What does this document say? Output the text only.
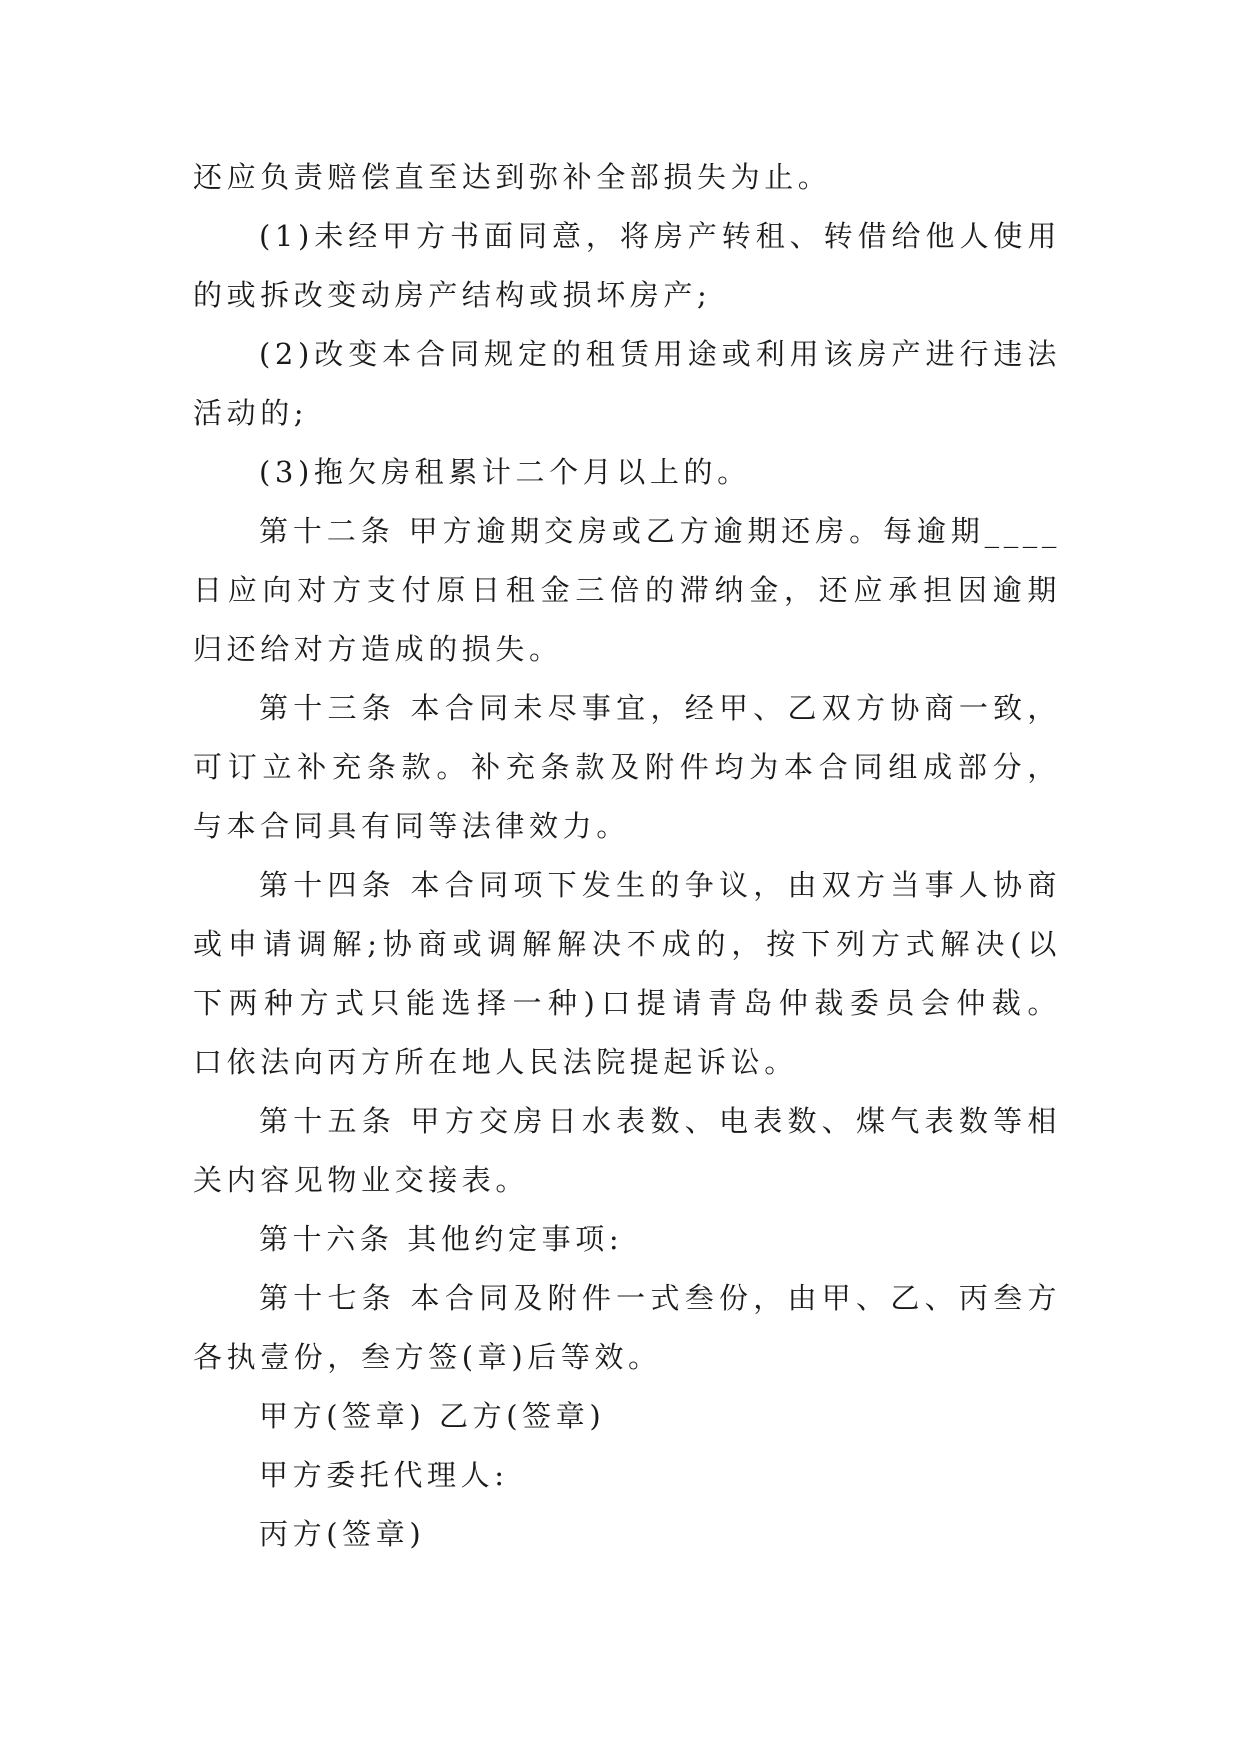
还应负责赔偿直至达到弥补全部损失为止。

(1)未经甲方书面同意，将房产转租、转借给他人使用的或拆改变动房产结构或损坏房产;

(2)改变本合同规定的租赁用途或利用该房产进行违法活动的;

(3)拖欠房租累计二个月以上的。

第十二条 甲方逾期交房或乙方逾期还房。每逾期____日应向对方支付原日租金三倍的滞纳金，还应承担因逾期归还给对方造成的损失。

第十三条 本合同未尽事宜，经甲、乙双方协商一致，可订立补充条款。补充条款及附件均为本合同组成部分，与本合同具有同等法律效力。

第十四条 本合同项下发生的争议，由双方当事人协商或申请调解;协商或调解解决不成的，按下列方式解决(以下两种方式只能选择一种)口提请青岛仲裁委员会仲裁。 口依法向丙方所在地人民法院提起诉讼。

第十五条 甲方交房日水表数、电表数、煤气表数等相关内容见物业交接表。

第十六条 其他约定事项:

第十七条 本合同及附件一式叁份，由甲、乙、丙叁方各执壹份，叁方签(章)后等效。

甲方(签章) 乙方(签章)

甲方委托代理人:

丙方(签章)
